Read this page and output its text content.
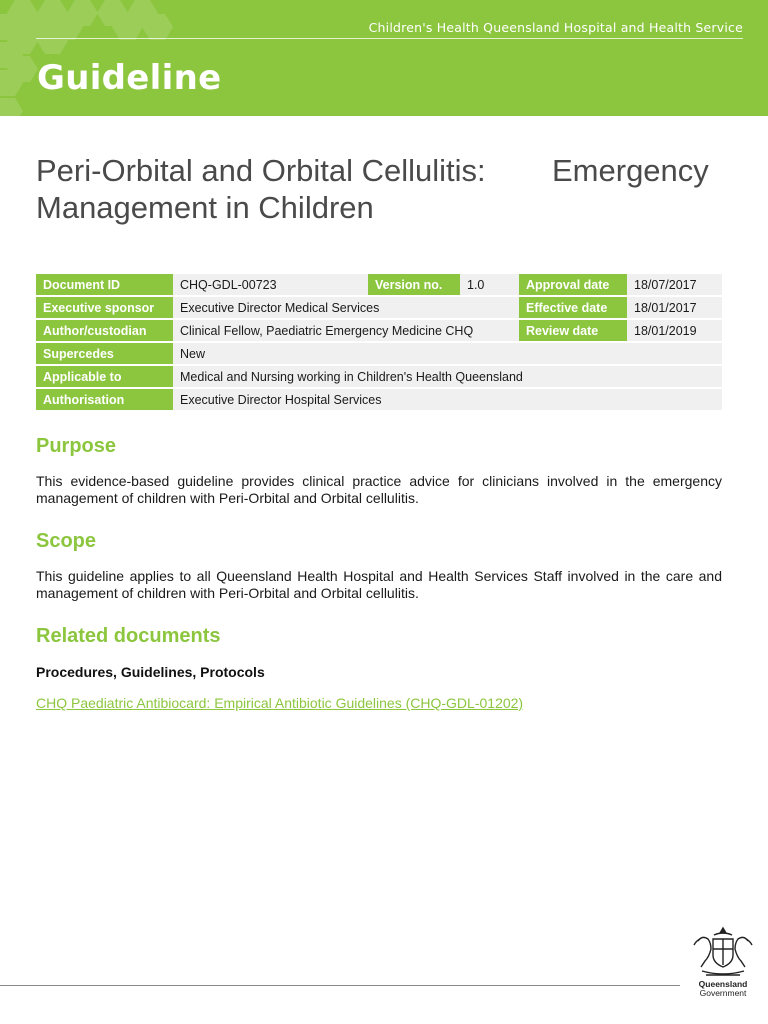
Children's Health Queensland Hospital and Health Service
Guideline
Peri-Orbital and Orbital Cellulitis: Emergency
Management in Children
Document ID	CHQ-GDL-00723	Version no.	1.0	Approval date	18/07/2017
Executive sponsor	Executive Director Medical Services			Effective date	18/01/2017
Author/custodian	Clinical Fellow, Paediatric Emergency Medicine CHQ			Review date	18/01/2019
Supercedes	New				
Applicable to	Medical and Nursing working in Children's Health Queensland				
Authorisation	Executive Director Hospital Services				
Purpose

This evidence-based guideline provides clinical practice advice for clinicians involved in the emergency management of children with Peri-Orbital and Orbital cellulitis.

Scope

This guideline applies to all Queensland Health Hospital and Health Services Staff involved in the care and management of children with Peri-Orbital and Orbital cellulitis.

Related documents
Procedures, Guidelines, Protocols
CHQ Paediatric Antibiocard: Empirical Antibiotic Guidelines (CHQ-GDL-01202)
Queensland
Government
